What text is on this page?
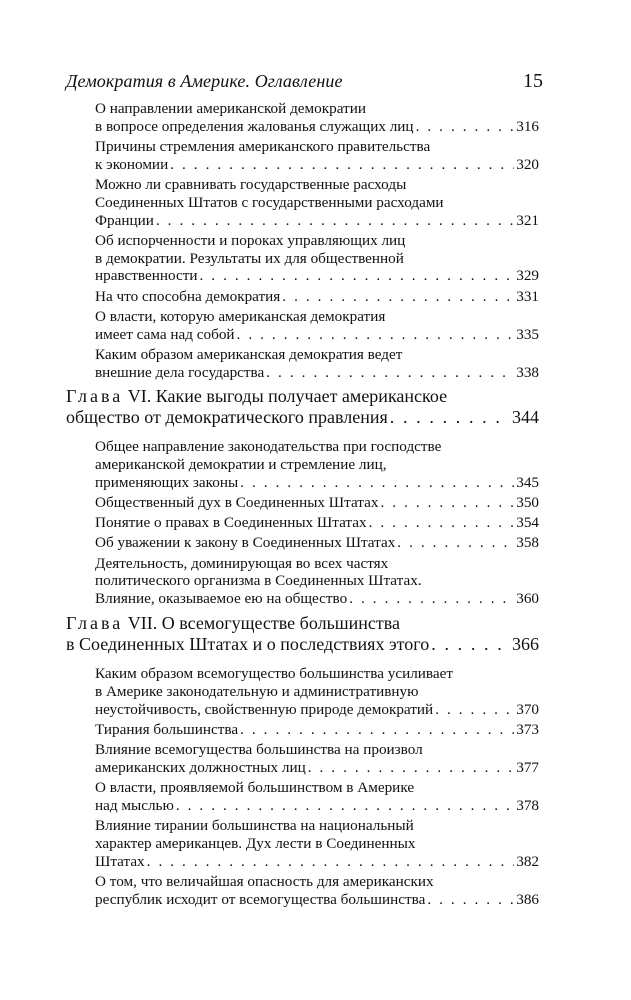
Демократия в Америке. Оглавление	15
О направлении американской демократии
в вопросе определения жалованья служащих лиц . . .	316
Причины стремления американского правительства
к экономии . . .	320
Можно ли сравнивать государственные расходы
Соединенных Штатов с государственными расходами
Франции . . .	321
Об испорченности и пороках управляющих лиц
в демократии. Результаты их для общественной
нравственности . . .	329
На что способна демократия . . .	331
О власти, которую американская демократия
имеет сама над собой . . .	335
Каким образом американская демократия ведет
внешние дела государства . . .	338
Глава VI. Какие выгоды получает американское
общество от демократического правления . . .	344
Общее направление законодательства при господстве
американской демократии и стремление лиц,
применяющих законы . . .	345
Общественный дух в Соединенных Штатах . . .	350
Понятие о правах в Соединенных Штатах . . .	354
Об уважении к закону в Соединенных Штатах . . .	358
Деятельность, доминирующая во всех частях
политического организма в Соединенных Штатах.
Влияние, оказываемое ею на общество . . .	360
Глава VII. О всемогуществе большинства
в Соединенных Штатах и о последствиях этого . . .	366
Каким образом всемогущество большинства усиливает
в Америке законодательную и административную
неустойчивость, свойственную природе демократий . . .	370
Тирания большинства . . .	373
Влияние всемогущества большинства на произвол
американских должностных лиц . . .	377
О власти, проявляемой большинством в Америке
над мыслью . . .	378
Влияние тирании большинства на национальный
характер американцев. Дух лести в Соединенных
Штатах . . .	382
О том, что величайшая опасность для американских
республик исходит от всемогущества большинства . . .	386
